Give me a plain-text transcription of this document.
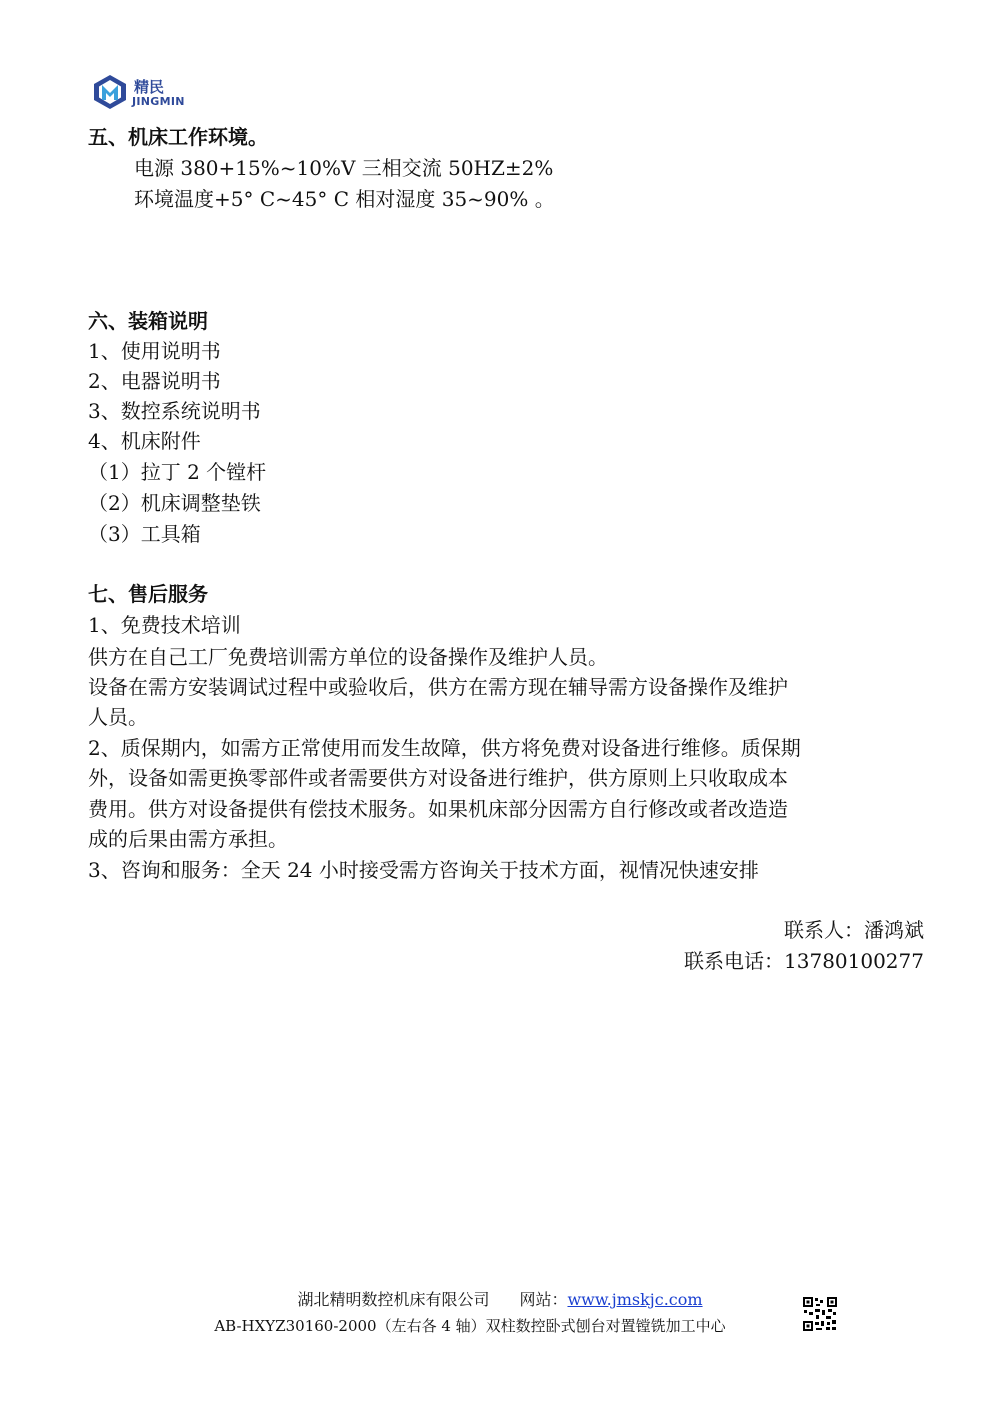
精民
JINGMIN
五、机床工作环境。
电源 380+15%~10%V 三相交流 50HZ±2%
环境温度+5° C~45° C 相对湿度 35~90% 。
六、装箱说明
1、使用说明书
2、电器说明书
3、数控系统说明书
4、机床附件
（1）拉丁 2 个镗杆
（2）机床调整垫铁
（3）工具箱
七、售后服务
1、免费技术培训
供方在自己工厂免费培训需方单位的设备操作及维护人员。
设备在需方安装调试过程中或验收后，供方在需方现在辅导需方设备操作及维护
人员。
2、质保期内，如需方正常使用而发生故障，供方将免费对设备进行维修。质保期
外，设备如需更换零部件或者需要供方对设备进行维护，供方原则上只收取成本
费用。供方对设备提供有偿技术服务。如果机床部分因需方自行修改或者改造造
成的后果由需方承担。
3、咨询和服务：全天 24 小时接受需方咨询关于技术方面，视情况快速安排
联系人：潘鸿斌
联系电话：13780100277
湖北精明数控机床有限公司 网站：www.jmskjc.com
AB-HXYZ30160-2000（左右各 4 轴）双柱数控卧式刨台对置镗铣加工中心
